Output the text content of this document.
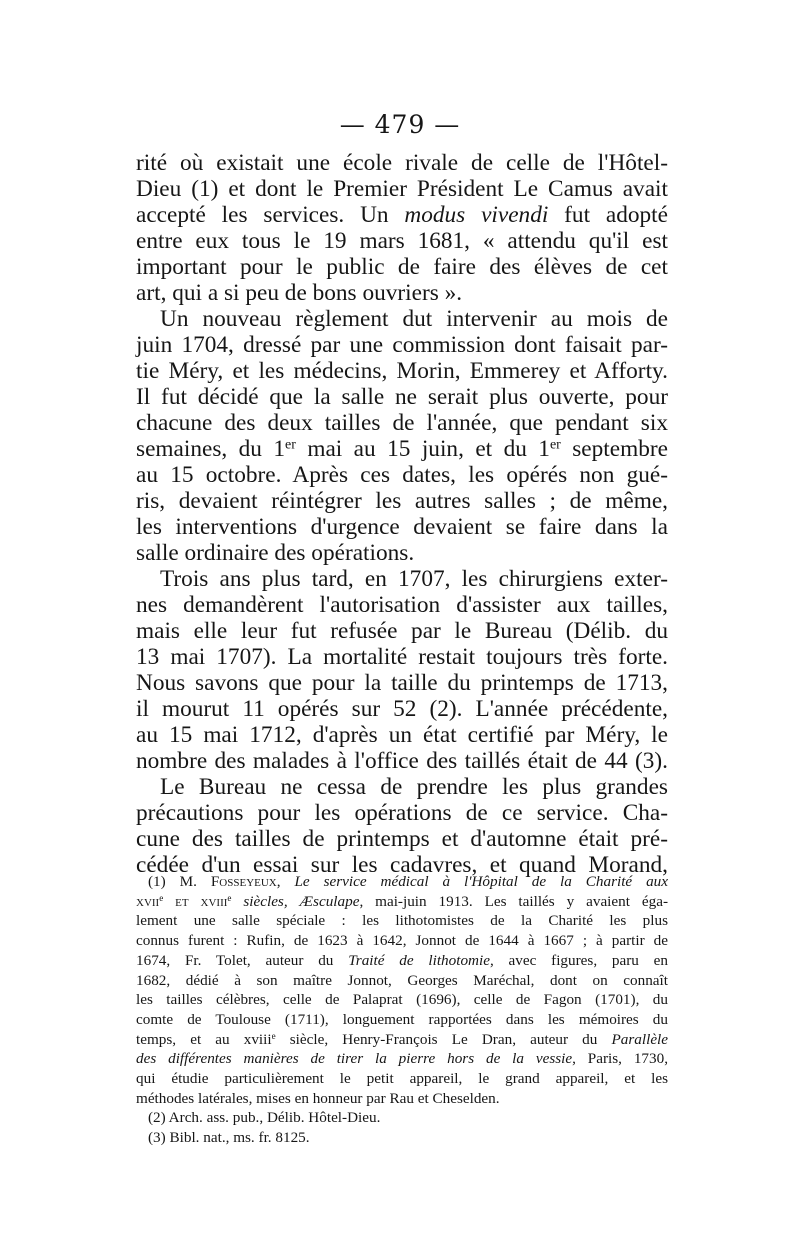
— 479 —
rité où existait une école rivale de celle de l'Hôtel-
Dieu (1) et dont le Premier Président Le Camus avait
accepté les services. Un modus vivendi fut adopté
entre eux tous le 19 mars 1681, « attendu qu'il est
important pour le public de faire des élèves de cet
art, qui a si peu de bons ouvriers ».
Un nouveau règlement dut intervenir au mois de
juin 1704, dressé par une commission dont faisait par-
tie Méry, et les médecins, Morin, Emmerey et Afforty.
Il fut décidé que la salle ne serait plus ouverte, pour
chacune des deux tailles de l'année, que pendant six
semaines, du 1er mai au 15 juin, et du 1er septembre
au 15 octobre. Après ces dates, les opérés non gué-
ris, devaient réintégrer les autres salles ; de même,
les interventions d'urgence devaient se faire dans la
salle ordinaire des opérations.
Trois ans plus tard, en 1707, les chirurgiens exter-
nes demandèrent l'autorisation d'assister aux tailles,
mais elle leur fut refusée par le Bureau (Délib. du
13 mai 1707). La mortalité restait toujours très forte.
Nous savons que pour la taille du printemps de 1713,
il mourut 11 opérés sur 52 (2). L'année précédente,
au 15 mai 1712, d'après un état certifié par Méry, le
nombre des malades à l'office des taillés était de 44 (3).
Le Bureau ne cessa de prendre les plus grandes
précautions pour les opérations de ce service. Cha-
cune des tailles de printemps et d'automne était pré-
cédée d'un essai sur les cadavres, et quand Morand,
(1) M. Fosseyeux, Le service médical à l'Hôpital de la Charité aux
xvii$^e$ et xviii$^e$ siècles, Æsculape, mai-juin 1913. Les taillés y avaient éga-
lement une salle spéciale : les lithotomistes de la Charité les plus
connus furent : Rufin, de 1623 à 1642, Jonnot de 1644 à 1667 ; à partir de
1674, Fr. Tolet, auteur du Traité de lithotomie, avec figures, paru en
1682, dédié à son maître Jonnot, Georges Maréchal, dont on connaît
les tailles célèbres, celle de Palaprat (1696), celle de Fagon (1701), du
comte de Toulouse (1711), longuement rapportées dans les mémoires du
temps, et au xviii$^e$ siècle, Henry-François Le Dran, auteur du Parallèle
des différentes manières de tirer la pierre hors de la vessie, Paris, 1730,
qui étudie particulièrement le petit appareil, le grand appareil, et les
méthodes latérales, mises en honneur par Rau et Cheselden.
(2) Arch. ass. pub., Délib. Hôtel-Dieu.
(3) Bibl. nat., ms. fr. 8125.
